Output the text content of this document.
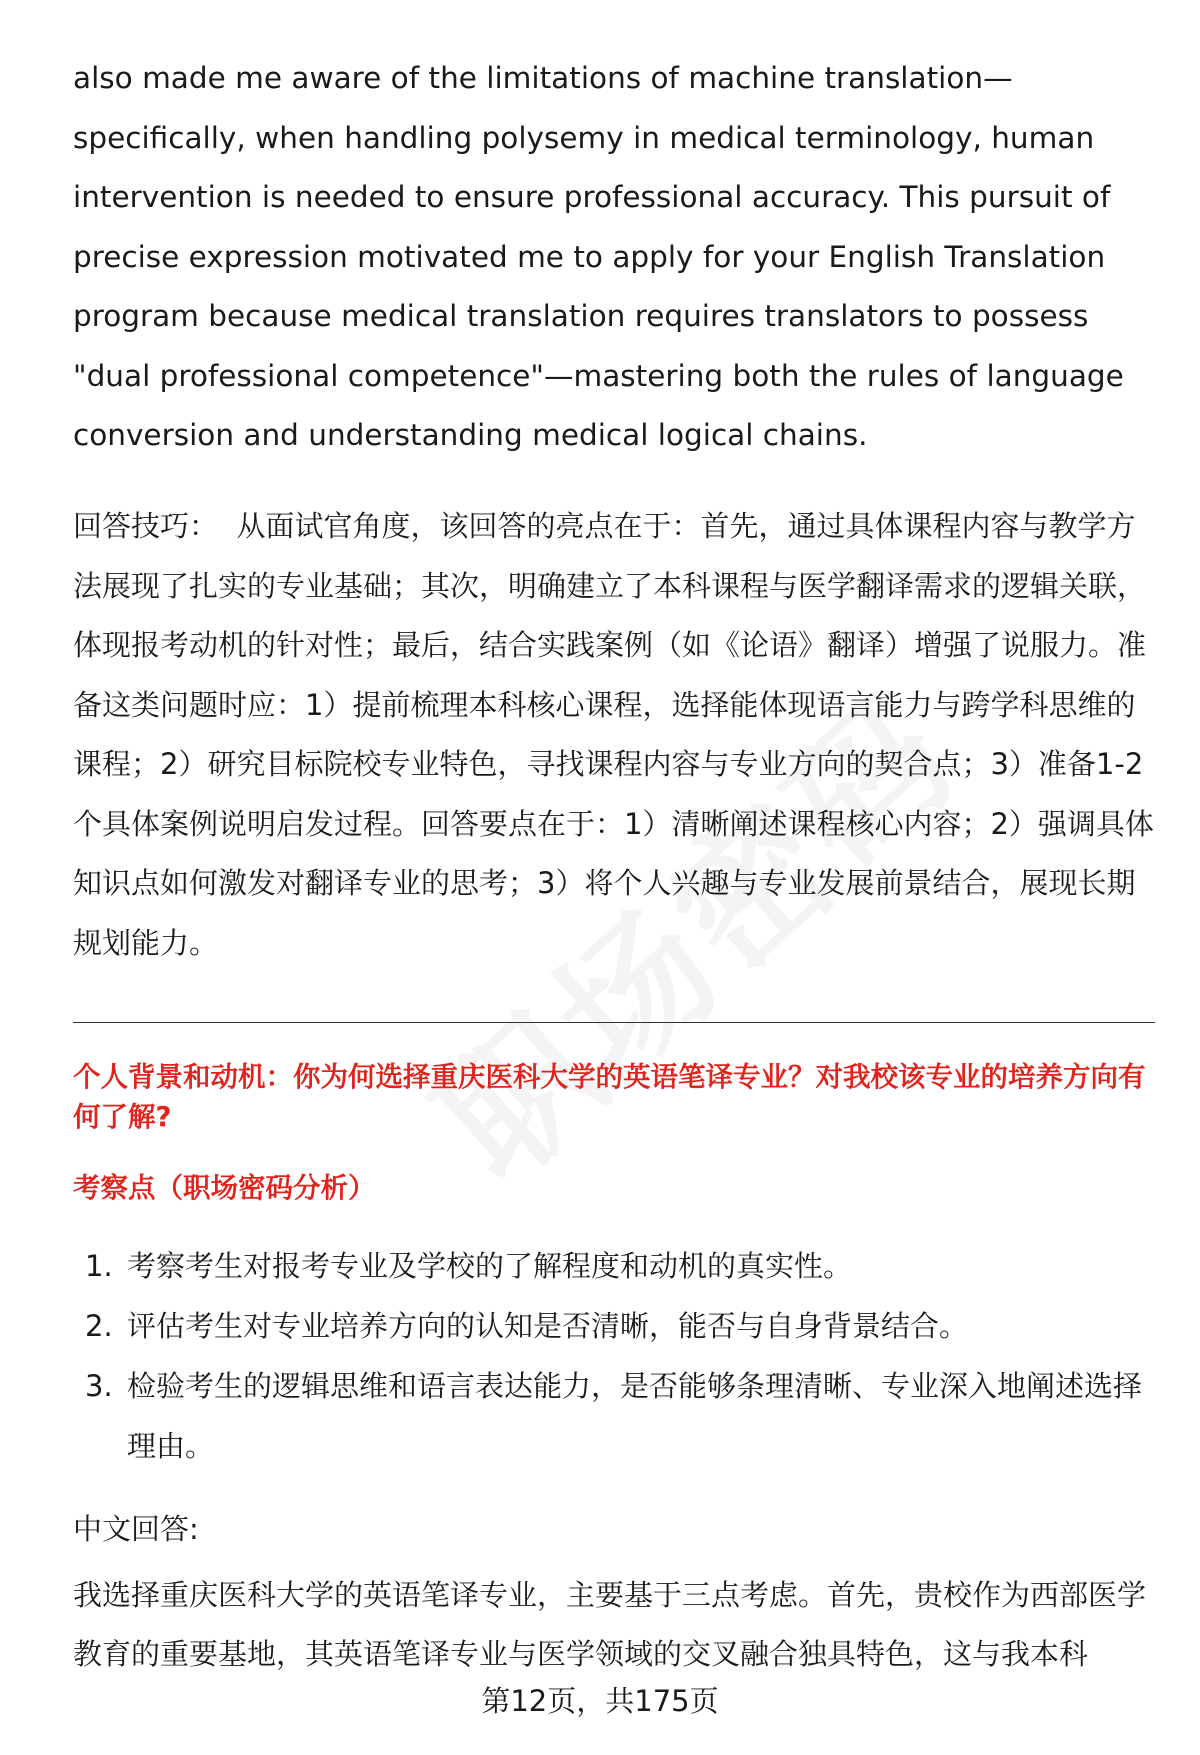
also made me aware of the limitations of machine translation—specifically, when handling polysemy in medical terminology, human intervention is needed to ensure professional accuracy. This pursuit of precise expression motivated me to apply for your English Translation program because medical translation requires translators to possess "dual professional competence"—mastering both the rules of language conversion and understanding medical logical chains.

回答技巧： 从面试官角度，该回答的亮点在于：首先，通过具体课程内容与教学方法展现了扎实的专业基础；其次，明确建立了本科课程与医学翻译需求的逻辑关联，体现报考动机的针对性；最后，结合实践案例（如《论语》翻译）增强了说服力。准备这类问题时应：1）提前梳理本科核心课程，选择能体现语言能力与跨学科思维的课程；2）研究目标院校专业特色，寻找课程内容与专业方向的契合点；3）准备1-2个具体案例说明启发过程。回答要点在于：1）清晰阐述课程核心内容；2）强调具体知识点如何激发对翻译专业的思考；3）将个人兴趣与专业发展前景结合，展现长期规划能力。

个人背景和动机：你为何选择重庆医科大学的英语笔译专业？对我校该专业的培养方向有何了解?

考察点（职场密码分析）

1. 考察考生对报考专业及学校的了解程度和动机的真实性。
2. 评估考生对专业培养方向的认知是否清晰，能否与自身背景结合。
3. 检验考生的逻辑思维和语言表达能力，是否能够条理清晰、专业深入地阐述选择理由。

中文回答:

我选择重庆医科大学的英语笔译专业，主要基于三点考虑。首先，贵校作为西部医学教育的重要基地，其英语笔译专业与医学领域的交叉融合独具特色，这与我本科

第12页，共175页
